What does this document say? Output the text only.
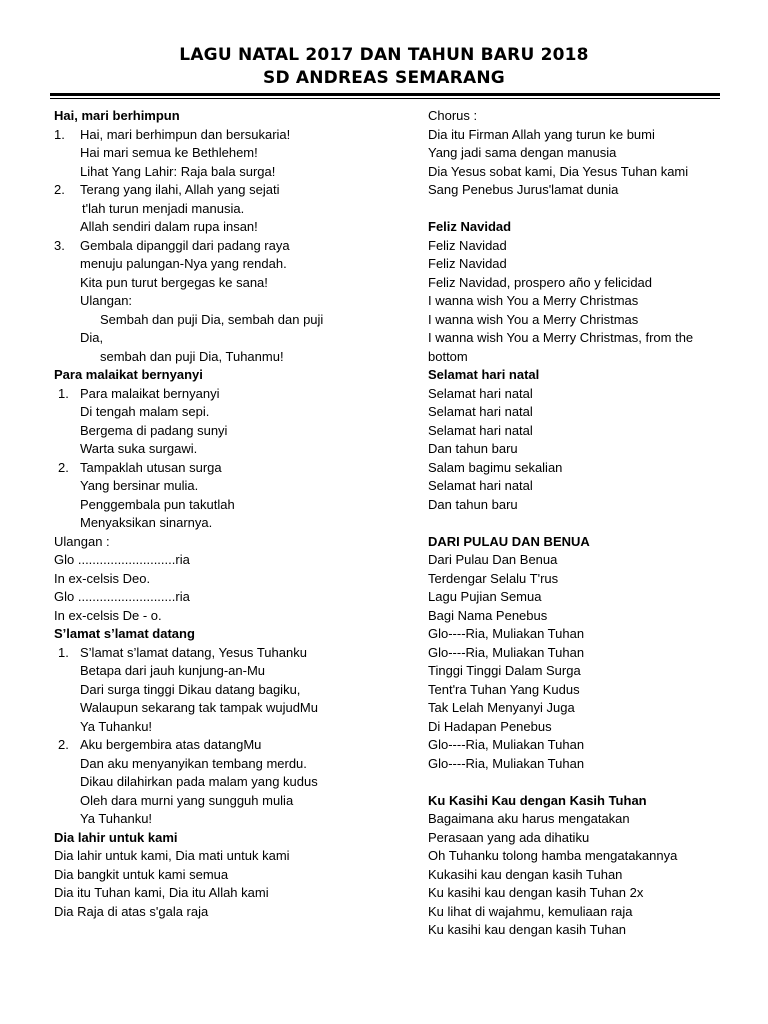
LAGU NATAL 2017 DAN TAHUN BARU 2018
SD ANDREAS SEMARANG
Hai, mari berhimpun
1. Hai, mari berhimpun dan bersukaria!
Hai mari semua ke Bethlehem!
Lihat Yang Lahir: Raja bala surga!
2. Terang yang ilahi, Allah yang sejati
t'lah turun menjadi manusia.
Allah sendiri dalam rupa insan!
3. Gembala dipanggil dari padang raya
menuju palungan-Nya yang rendah.
Kita pun turut bergegas ke sana!
Ulangan:
Sembah dan puji Dia, sembah dan puji
Dia,
sembah dan puji Dia, Tuhanmu!
Para malaikat bernyanyi
1. Para malaikat bernyanyi
Di tengah malam sepi.
Bergema di padang sunyi
Warta suka surgawi.
2. Tampaklah utusan surga
Yang bersinar mulia.
Penggembala pun takutlah
Menyaksikan sinarnya.
Ulangan :
Glo ...........................ria
In ex-celsis Deo.
Glo ...........................ria
In ex-celsis De - o.
S’lamat s’lamat datang
1. S’lamat s’lamat datang, Yesus Tuhanku
Betapa dari jauh kunjung-an-Mu
Dari surga tinggi Dikau datang bagiku,
Walaupun sekarang tak tampak wujudMu
Ya Tuhanku!
2. Aku bergembira atas datangMu
Dan aku menyanyikan tembang merdu.
Dikau dilahirkan pada malam yang kudus
Oleh dara murni yang sungguh mulia
Ya Tuhanku!
Dia lahir untuk kami
Dia lahir untuk kami, Dia mati untuk kami
Dia bangkit untuk kami semua
Dia itu Tuhan kami, Dia itu Allah kami
Dia Raja di atas s'gala raja
Chorus :
Dia itu Firman Allah yang turun ke bumi
Yang jadi sama dengan manusia
Dia Yesus sobat kami, Dia Yesus Tuhan kami
Sang Penebus Jurus'lamat dunia
Feliz Navidad
Feliz Navidad
Feliz Navidad
Feliz Navidad, prospero año y felicidad
I wanna wish You a Merry Christmas
I wanna wish You a Merry Christmas
I wanna wish You a Merry Christmas, from the
bottom
Selamat hari natal
Selamat hari natal
Selamat hari natal
Selamat hari natal
Dan tahun baru
Salam bagimu sekalian
Selamat hari natal
Dan tahun baru
DARI PULAU DAN BENUA
Dari Pulau Dan Benua
Terdengar Selalu T'rus
Lagu Pujian Semua
Bagi Nama Penebus
Glo----Ria, Muliakan Tuhan
Glo----Ria, Muliakan Tuhan
Tinggi Tinggi Dalam Surga
Tent'ra Tuhan Yang Kudus
Tak Lelah Menyanyi Juga
Di Hadapan Penebus
Glo----Ria, Muliakan Tuhan
Glo----Ria, Muliakan Tuhan
Ku Kasihi Kau dengan Kasih Tuhan
Bagaimana aku harus mengatakan
Perasaan yang ada dihatiku
Oh Tuhanku tolong hamba mengatakannya
Kukasihi kau dengan kasih Tuhan
Ku kasihi kau dengan kasih Tuhan 2x
Ku lihat di wajahmu, kemuliaan raja
Ku kasihi kau dengan kasih Tuhan
